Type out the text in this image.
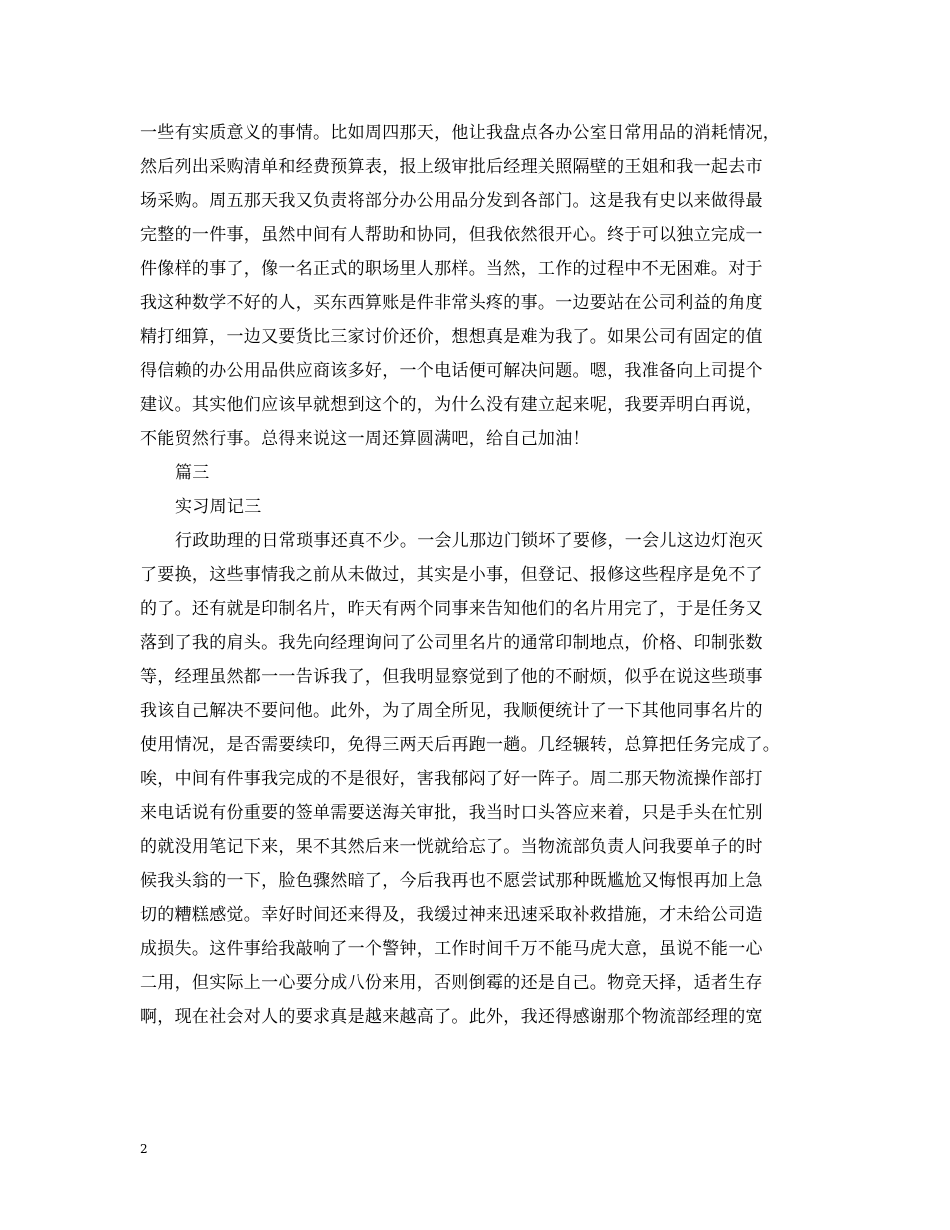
一些有实质意义的事情。比如周四那天，他让我盘点各办公室日常用品的消耗情况，
然后列出采购清单和经费预算表，报上级审批后经理关照隔壁的王姐和我一起去市
场采购。周五那天我又负责将部分办公用品分发到各部门。这是我有史以来做得最
完整的一件事，虽然中间有人帮助和协同，但我依然很开心。终于可以独立完成一
件像样的事了，像一名正式的职场里人那样。当然，工作的过程中不无困难。对于
我这种数学不好的人，买东西算账是件非常头疼的事。一边要站在公司利益的角度
精打细算，一边又要货比三家讨价还价，想想真是难为我了。如果公司有固定的值
得信赖的办公用品供应商该多好，一个电话便可解决问题。嗯，我准备向上司提个
建议。其实他们应该早就想到这个的，为什么没有建立起来呢，我要弄明白再说，
不能贸然行事。总得来说这一周还算圆满吧，给自己加油！
篇三
实习周记三
行政助理的日常琐事还真不少。一会儿那边门锁坏了要修，一会儿这边灯泡灭
了要换，这些事情我之前从未做过，其实是小事，但登记、报修这些程序是免不了
的了。还有就是印制名片，昨天有两个同事来告知他们的名片用完了，于是任务又
落到了我的肩头。我先向经理询问了公司里名片的通常印制地点，价格、印制张数
等，经理虽然都一一告诉我了，但我明显察觉到了他的不耐烦，似乎在说这些琐事
我该自己解决不要问他。此外，为了周全所见，我顺便统计了一下其他同事名片的
使用情况，是否需要续印，免得三两天后再跑一趟。几经辗转，总算把任务完成了。
唉，中间有件事我完成的不是很好，害我郁闷了好一阵子。周二那天物流操作部打
来电话说有份重要的签单需要送海关审批，我当时口头答应来着，只是手头在忙别
的就没用笔记下来，果不其然后来一恍就给忘了。当物流部负责人问我要单子的时
候我头翁的一下，脸色骤然暗了，今后我再也不愿尝试那种既尴尬又悔恨再加上急
切的糟糕感觉。幸好时间还来得及，我缓过神来迅速采取补救措施，才未给公司造
成损失。这件事给我敲响了一个警钟，工作时间千万不能马虎大意，虽说不能一心
二用，但实际上一心要分成八份来用，否则倒霉的还是自己。物竞天择，适者生存
啊，现在社会对人的要求真是越来越高了。此外，我还得感谢那个物流部经理的宽
2
